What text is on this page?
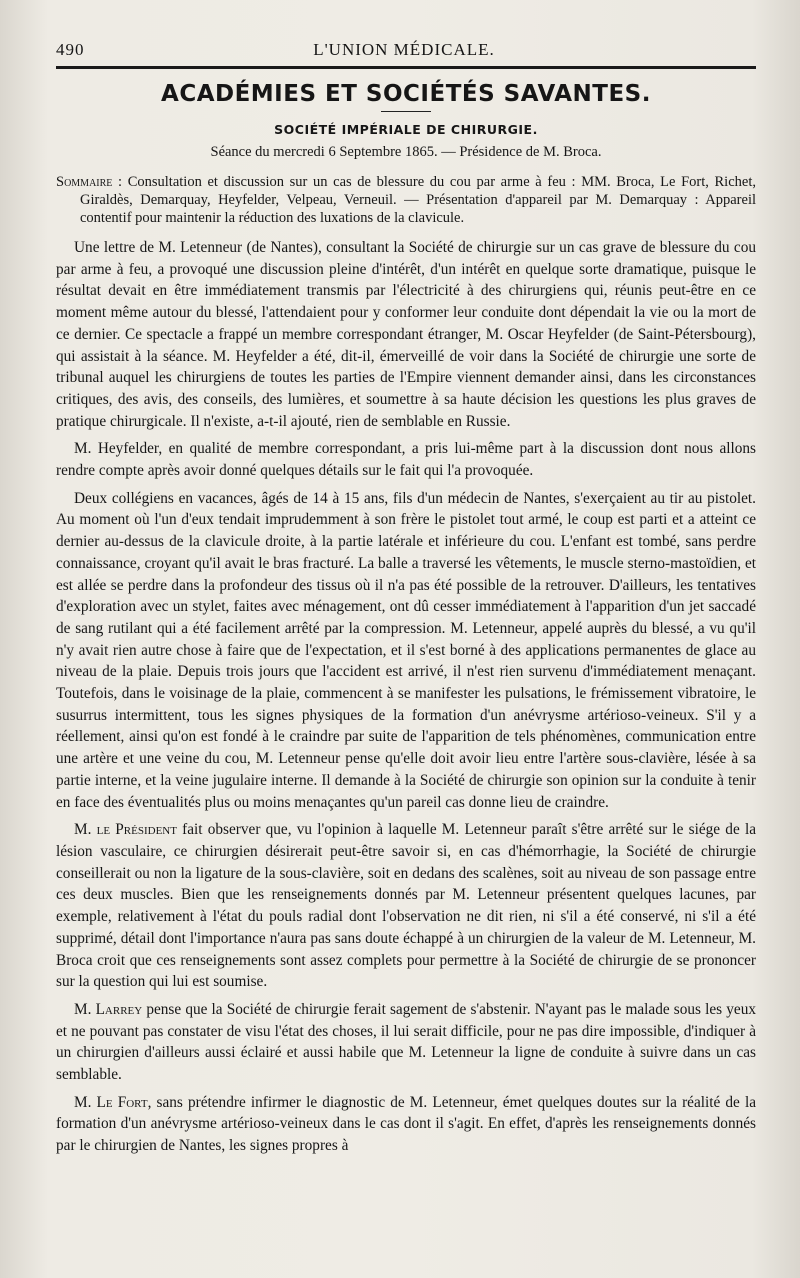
490	L'UNION MÉDICALE.
ACADÉMIES ET SOCIÉTÉS SAVANTES.
SOCIÉTÉ IMPÉRIALE DE CHIRURGIE.
Séance du mercredi 6 Septembre 1865. — Présidence de M. Broca.
Sommaire : Consultation et discussion sur un cas de blessure du cou par arme à feu : MM. Broca, Le Fort, Richet, Giraldès, Demarquay, Heyfelder, Velpeau, Verneuil. — Présentation d'appareil par M. Demarquay : Appareil contentif pour maintenir la réduction des luxations de la clavicule.

Une lettre de M. Letenneur (de Nantes), consultant la Société de chirurgie sur un cas grave de blessure du cou par arme à feu, a provoqué une discussion pleine d'intérêt, d'un intérêt en quelque sorte dramatique, puisque le résultat devait en être immédiatement transmis par l'électricité à des chirurgiens qui, réunis peut-être en ce moment même autour du blessé, l'attendaient pour y conformer leur conduite dont dépendait la vie ou la mort de ce dernier. Ce spectacle a frappé un membre correspondant étranger, M. Oscar Heyfelder (de Saint-Pétersbourg), qui assistait à la séance. M. Heyfelder a été, dit-il, émerveillé de voir dans la Société de chirurgie une sorte de tribunal auquel les chirurgiens de toutes les parties de l'Empire viennent demander ainsi, dans les circonstances critiques, des avis, des conseils, des lumières, et soumettre à sa haute décision les questions les plus graves de pratique chirurgicale. Il n'existe, a-t-il ajouté, rien de semblable en Russie.

M. Heyfelder, en qualité de membre correspondant, a pris lui-même part à la discussion dont nous allons rendre compte après avoir donné quelques détails sur le fait qui l'a provoquée.

Deux collégiens en vacances, âgés de 14 à 15 ans, fils d'un médecin de Nantes, s'exerçaient au tir au pistolet. Au moment où l'un d'eux tendait imprudemment à son frère le pistolet tout armé, le coup est parti et a atteint ce dernier au-dessus de la clavicule droite, à la partie latérale et inférieure du cou. L'enfant est tombé, sans perdre connaissance, croyant qu'il avait le bras fracturé. La balle a traversé les vêtements, le muscle sterno-mastoïdien, et est allée se perdre dans la profondeur des tissus où il n'a pas été possible de la retrouver. D'ailleurs, les tentatives d'exploration avec un stylet, faites avec ménagement, ont dû cesser immédiatement à l'apparition d'un jet saccadé de sang rutilant qui a été facilement arrêté par la compression. M. Letenneur, appelé auprès du blessé, a vu qu'il n'y avait rien autre chose à faire que de l'expectation, et il s'est borné à des applications permanentes de glace au niveau de la plaie. Depuis trois jours que l'accident est arrivé, il n'est rien survenu d'immédiatement menaçant. Toutefois, dans le voisinage de la plaie, commencent à se manifester les pulsations, le frémissement vibratoire, le susurrus intermittent, tous les signes physiques de la formation d'un anévrysme artérioso-veineux. S'il y a réellement, ainsi qu'on est fondé à le craindre par suite de l'apparition de tels phénomènes, communication entre une artère et une veine du cou, M. Letenneur pense qu'elle doit avoir lieu entre l'artère sous-clavière, lésée à sa partie interne, et la veine jugulaire interne. Il demande à la Société de chirurgie son opinion sur la conduite à tenir en face des éventualités plus ou moins menaçantes qu'un pareil cas donne lieu de craindre.

M. le Président fait observer que, vu l'opinion à laquelle M. Letenneur paraît s'être arrêté sur le siége de la lésion vasculaire, ce chirurgien désirerait peut-être savoir si, en cas d'hémorrhagie, la Société de chirurgie conseillerait ou non la ligature de la sous-clavière, soit en dedans des scalènes, soit au niveau de son passage entre ces deux muscles. Bien que les renseignements donnés par M. Letenneur présentent quelques lacunes, par exemple, relativement à l'état du pouls radial dont l'observation ne dit rien, ni s'il a été conservé, ni s'il a été supprimé, détail dont l'importance n'aura pas sans doute échappé à un chirurgien de la valeur de M. Letenneur, M. Broca croit que ces renseignements sont assez complets pour permettre à la Société de chirurgie de se prononcer sur la question qui lui est soumise.

M. Larrey pense que la Société de chirurgie ferait sagement de s'abstenir. N'ayant pas le malade sous les yeux et ne pouvant pas constater de visu l'état des choses, il lui serait difficile, pour ne pas dire impossible, d'indiquer à un chirurgien d'ailleurs aussi éclairé et aussi habile que M. Letenneur la ligne de conduite à suivre dans un cas semblable.

M. Le Fort, sans prétendre infirmer le diagnostic de M. Letenneur, émet quelques doutes sur la réalité de la formation d'un anévrysme artérioso-veineux dans le cas dont il s'agit. En effet, d'après les renseignements donnés par le chirurgien de Nantes, les signes propres à
